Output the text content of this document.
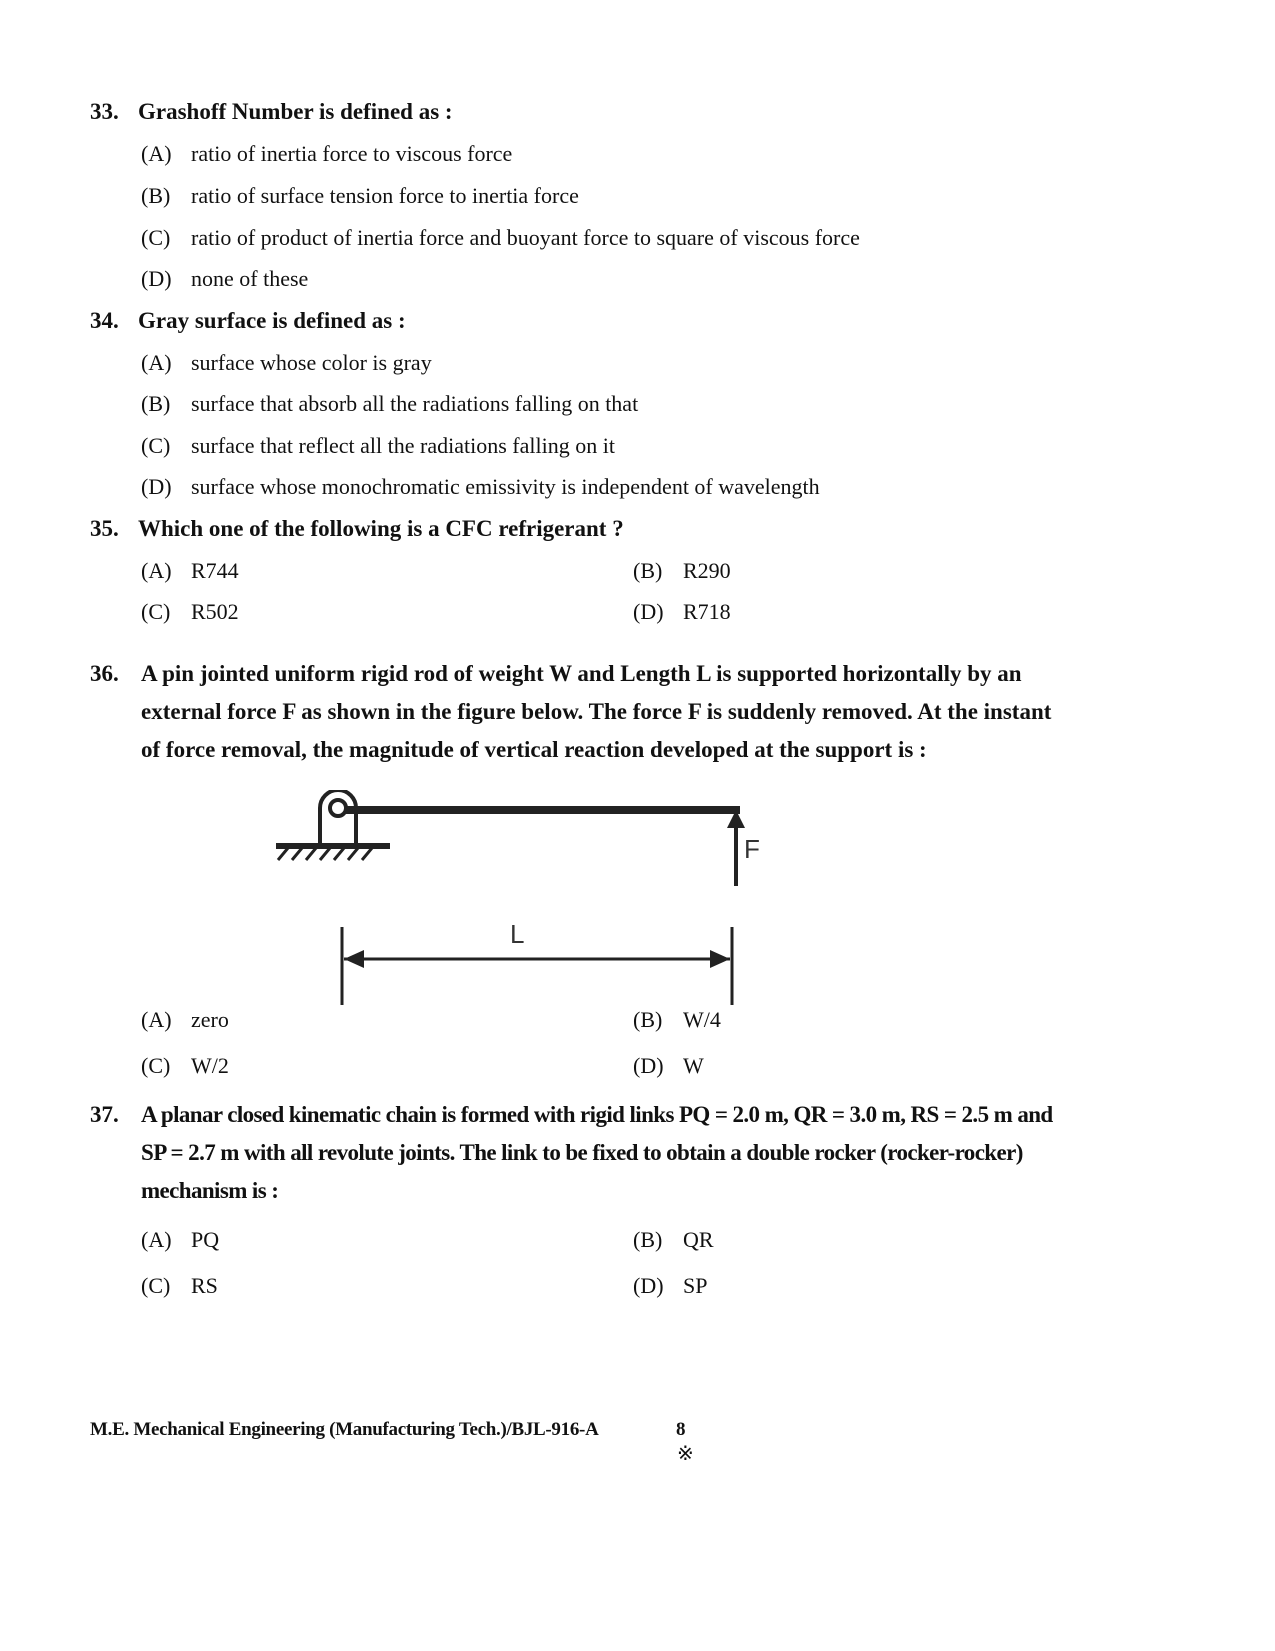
33. Grashoff Number is defined as :
(A) ratio of inertia force to viscous force
(B) ratio of surface tension force to inertia force
(C) ratio of product of inertia force and buoyant force to square of viscous force
(D) none of these
34. Gray surface is defined as :
(A) surface whose color is gray
(B) surface that absorb all the radiations falling on that
(C) surface that reflect all the radiations falling on it
(D) surface whose monochromatic emissivity is independent of wavelength
35. Which one of the following is a CFC refrigerant ?
(A) R744	(B) R290
(C) R502	(D) R718
36. A pin jointed uniform rigid rod of weight W and Length L is supported horizontally by an
external force F as shown in the figure below. The force F is suddenly removed. At the instant
of force removal, the magnitude of vertical reaction developed at the support is :
F
L
(A) zero	(B) W/4
(C) W/2	(D) W
37. A planar closed kinematic chain is formed with rigid links PQ = 2.0 m, QR = 3.0 m, RS = 2.5 m and
SP = 2.7 m with all revolute joints. The link to be fixed to obtain a double rocker (rocker-rocker)
mechanism is :
(A) PQ	(B) QR
(C) RS	(D) SP
M.E. Mechanical Engineering (Manufacturing Tech.)/BJL-916-A	8
※
